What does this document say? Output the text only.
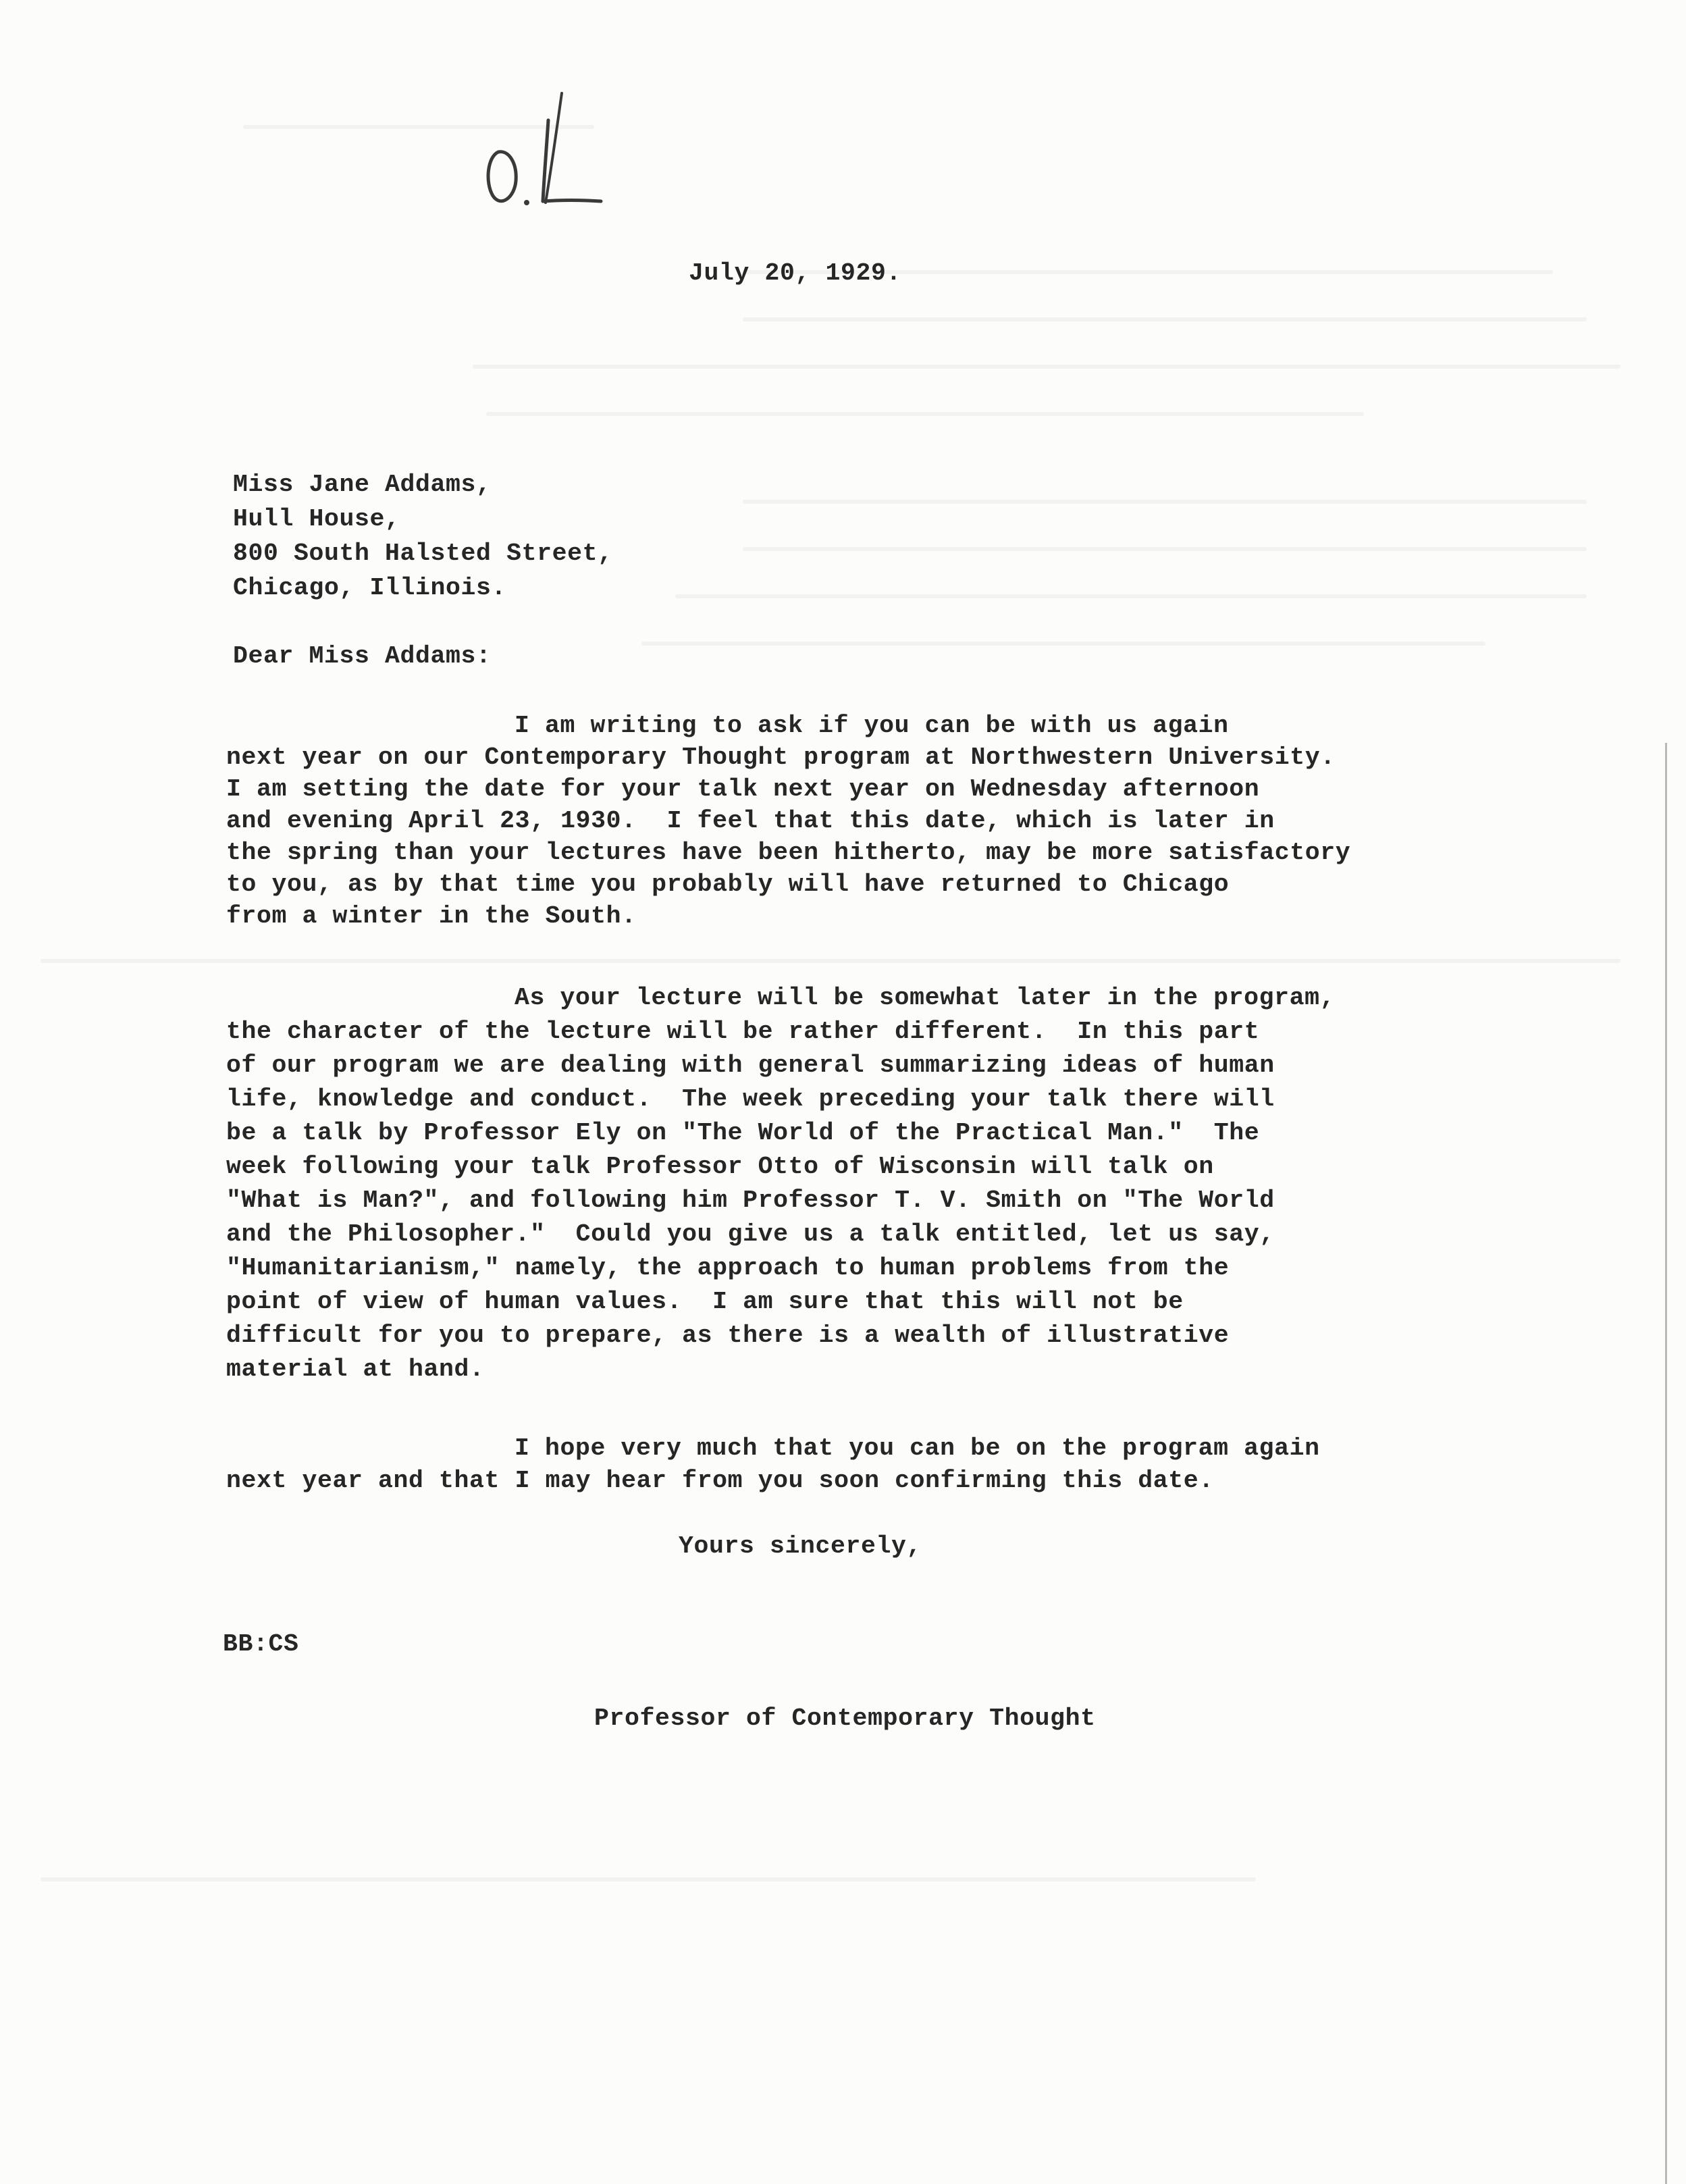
July 20, 1929.
Miss Jane Addams,
Hull House,
800 South Halsted Street,
Chicago, Illinois.
Dear Miss Addams:
I am writing to ask if you can be with us again
next year on our Contemporary Thought program at Northwestern University.
I am setting the date for your talk next year on Wednesday afternoon
and evening April 23, 1930.  I feel that this date, which is later in
the spring than your lectures have been hitherto, may be more satisfactory
to you, as by that time you probably will have returned to Chicago
from a winter in the South.
As your lecture will be somewhat later in the program,
the character of the lecture will be rather different.  In this part
of our program we are dealing with general summarizing ideas of human
life, knowledge and conduct.  The week preceding your talk there will
be a talk by Professor Ely on "The World of the Practical Man."  The
week following your talk Professor Otto of Wisconsin will talk on
"What is Man?", and following him Professor T. V. Smith on "The World
and the Philosopher."  Could you give us a talk entitled, let us say,
"Humanitarianism," namely, the approach to human problems from the
point of view of human values.  I am sure that this will not be
difficult for you to prepare, as there is a wealth of illustrative
material at hand.
I hope very much that you can be on the program again
next year and that I may hear from you soon confirming this date.
Yours sincerely,
BB:CS
Professor of Contemporary Thought
